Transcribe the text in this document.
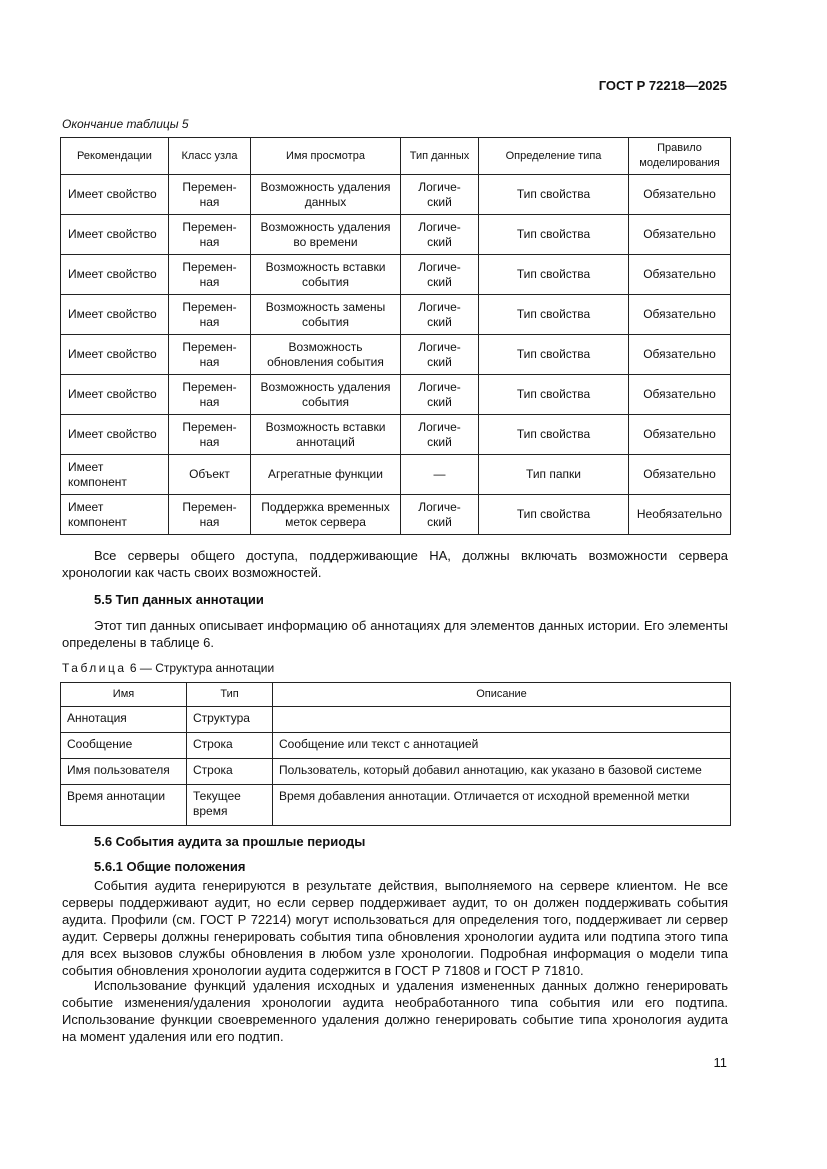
ГОСТ Р 72218—2025
Окончание таблицы 5
Рекомендации	Класс узла	Имя просмотра	Тип данных	Определение типа	Правило моделирования
Имеет свойство	Перемен-ная	Возможность удаления данных	Логиче-ский	Тип свойства	Обязательно
Имеет свойство	Перемен-ная	Возможность удаления во времени	Логиче-ский	Тип свойства	Обязательно
Имеет свойство	Перемен-ная	Возможность вставки события	Логиче-ский	Тип свойства	Обязательно
Имеет свойство	Перемен-ная	Возможность замены события	Логиче-ский	Тип свойства	Обязательно
Имеет свойство	Перемен-ная	Возможность обновления события	Логиче-ский	Тип свойства	Обязательно
Имеет свойство	Перемен-ная	Возможность удаления события	Логиче-ский	Тип свойства	Обязательно
Имеет свойство	Перемен-ная	Возможность вставки аннотаций	Логиче-ский	Тип свойства	Обязательно
Имеет компонент	Объект	Агрегатные функции	—	Тип папки	Обязательно
Имеет компонент	Перемен-ная	Поддержка временных меток сервера	Логиче-ский	Тип свойства	Необязательно

Все серверы общего доступа, поддерживающие HA, должны включать возможности сервера хронологии как часть своих возможностей.

5.5 Тип данных аннотации

Этот тип данных описывает информацию об аннотациях для элементов данных истории. Его элементы определены в таблице 6.

Таблица 6 — Структура аннотации
Имя	Тип	Описание
Аннотация	Структура	
Сообщение	Строка	Сообщение или текст с аннотацией
Имя пользователя	Строка	Пользователь, который добавил аннотацию, как указано в базовой системе
Время аннотации	Текущее время	Время добавления аннотации. Отличается от исходной временной метки

5.6 События аудита за прошлые периоды

5.6.1 Общие положения

События аудита генерируются в результате действия, выполняемого на сервере клиентом. Не все серверы поддерживают аудит, но если сервер поддерживает аудит, то он должен поддерживать события аудита. Профили (см. ГОСТ Р 72214) могут использоваться для определения того, поддерживает ли сервер аудит. Серверы должны генерировать события типа обновления хронологии аудита или подтипа этого типа для всех вызовов службы обновления в любом узле хронологии. Подробная информация о модели типа события обновления хронологии аудита содержится в ГОСТ Р 71808 и ГОСТ Р 71810.

Использование функций удаления исходных и удаления измененных данных должно генерировать событие изменения/удаления хронологии аудита необработанного типа события или его подтипа. Использование функции своевременного удаления должно генерировать событие типа хронология аудита на момент удаления или его подтип.

11
